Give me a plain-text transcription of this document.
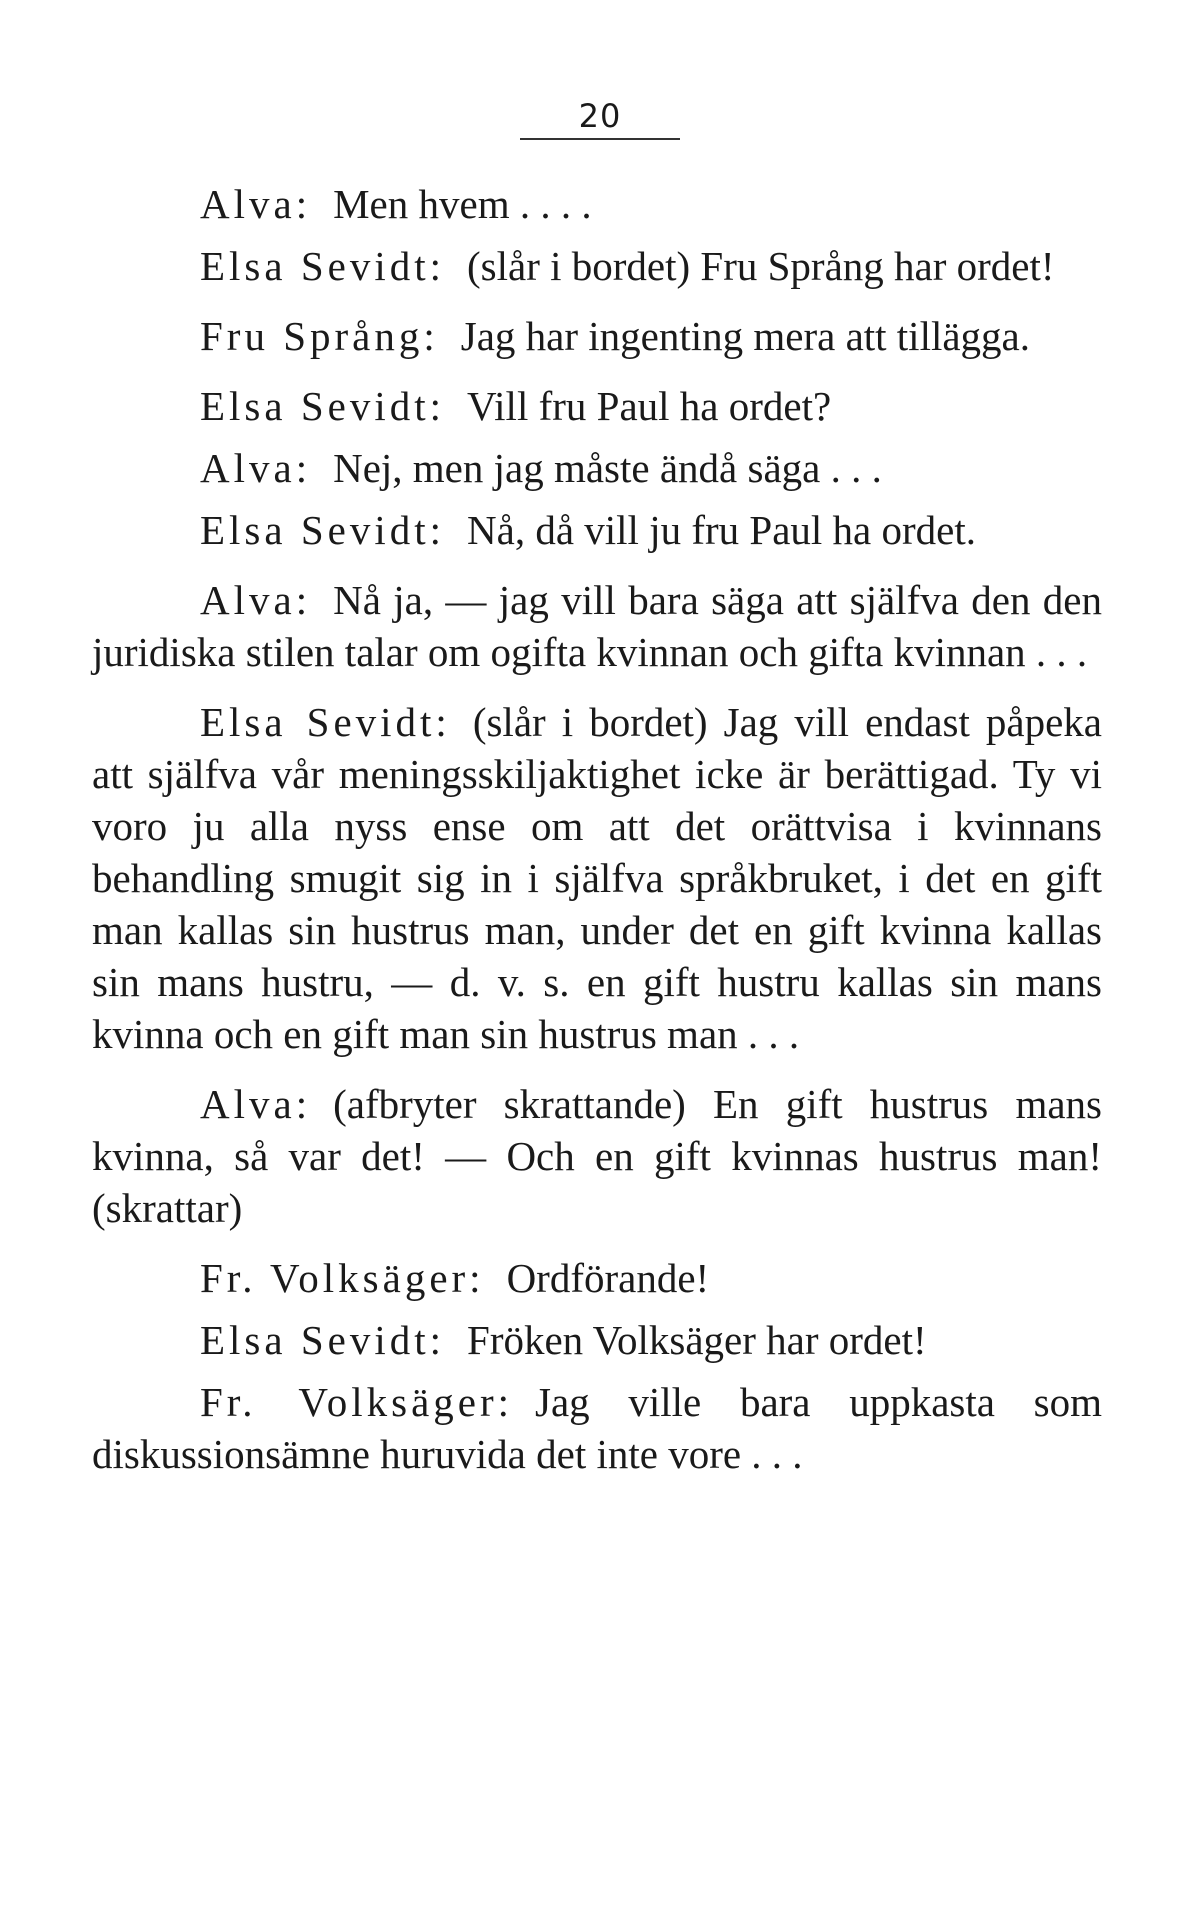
20

Alva: Men hvem . . . .

Elsa Sevidt: (slår i bordet) Fru Språng har ordet!

Fru Språng: Jag har ingenting mera att tillägga.

Elsa Sevidt: Vill fru Paul ha ordet?

Alva: Nej, men jag måste ändå säga . . .

Elsa Sevidt: Nå, då vill ju fru Paul ha ordet.

Alva: Nå ja, — jag vill bara säga att själfva den den juridiska stilen talar om ogifta kvinnan och gifta kvinnan . . .

Elsa Sevidt: (slår i bordet) Jag vill endast påpeka att själfva vår meningsskiljaktighet icke är berättigad. Ty vi voro ju alla nyss ense om att det orättvisa i kvinnans behandling smugit sig in i själfva språkbruket, i det en gift man kallas sin hustrus man, under det en gift kvinna kallas sin mans hustru, — d. v. s. en gift hustru kallas sin mans kvinna och en gift man sin hustrus man . . .

Alva: (afbryter skrattande) En gift hustrus mans kvinna, så var det! — Och en gift kvinnas hustrus man! (skrattar)

Fr. Volksäger: Ordförande!

Elsa Sevidt: Fröken Volksäger har ordet!

Fr. Volksäger: Jag ville bara uppkasta som diskussionsämne huruvida det inte vore . . .
